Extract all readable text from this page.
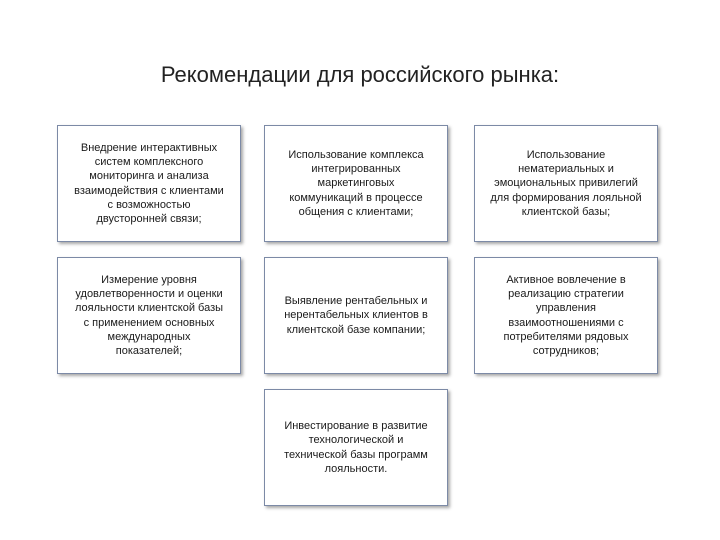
Рекомендации для российского рынка:

Внедрение интерактивных
систем комплексного
мониторинга и анализа
взаимодействия с клиентами
с возможностью
двусторонней связи;

Использование комплекса
интегрированных
маркетинговых
коммуникаций в процессе
общения с клиентами;

Использование
нематериальных и
эмоциональных привилегий
для формирования лояльной
клиентской базы;

Измерение уровня
удовлетворенности и оценки
лояльности клиентской базы
с применением основных
международных
показателей;

Выявление рентабельных и
нерентабельных клиентов в
клиентской базе компании;

Активное вовлечение в
реализацию стратегии
управления
взаимоотношениями с
потребителями рядовых
сотрудников;

Инвестирование в развитие
технологической и
технической базы программ
лояльности.
